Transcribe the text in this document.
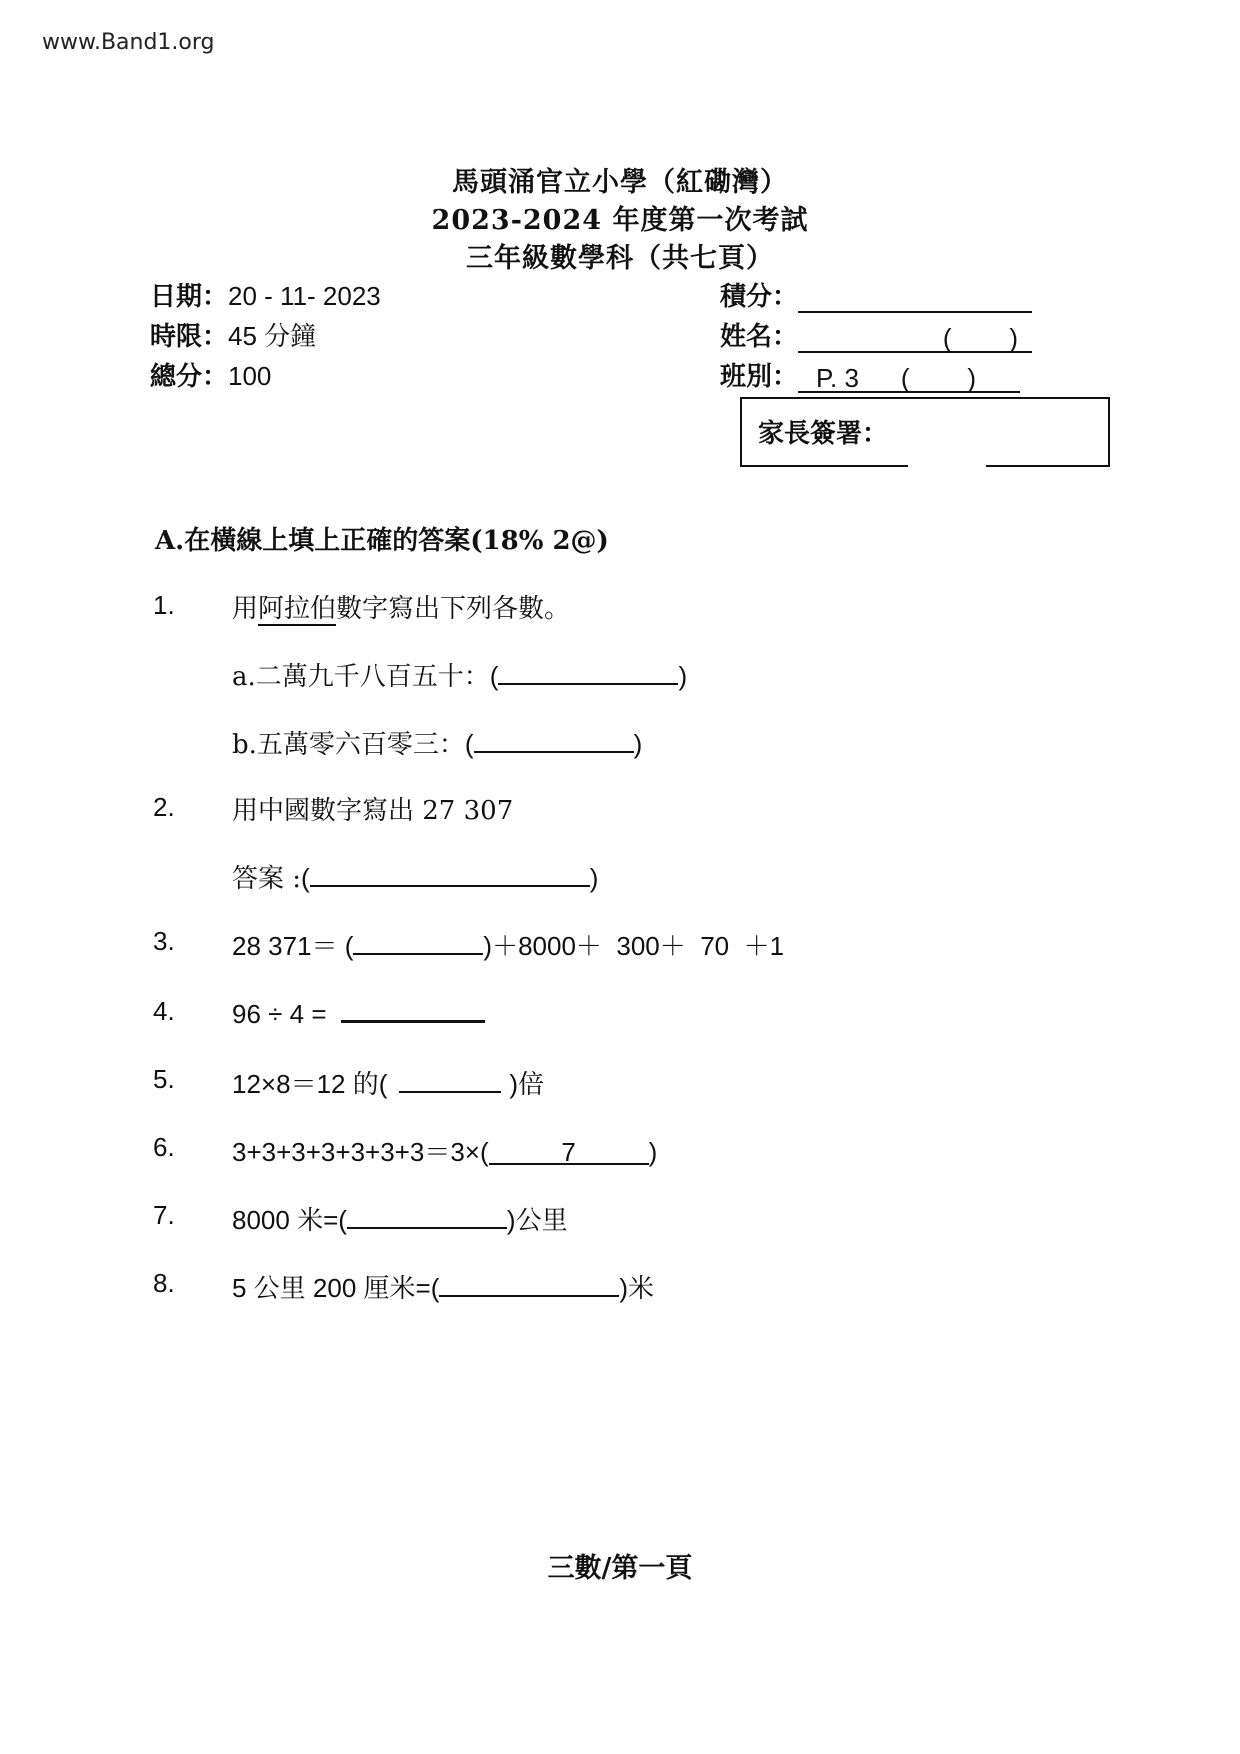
www.Band1.org
馬頭涌官立小學（紅磡灣）
2023-2024 年度第一次考試
三年級數學科（共七頁）
日期：20 - 11- 2023
時限：45 分鐘
總分：100
積分：
姓名：	(        )
班別： P. 3 (        )
家長簽署：
A.在橫線上填上正確的答案(18% 2@)
1. 用阿拉伯數字寫出下列各數。
a.二萬九千八百五十：(	)
b.五萬零六百零三：(	)
2. 用中國數字寫出 27 307
答案 :(	)
3. 28 371＝ (	)＋8000＋  300＋  70  ＋1
4. 96 ÷ 4 =
5. 12×8＝12 的(	)倍
6. 3+3+3+3+3+3+3＝3×(	7	)
7. 8000 米=(	)公里
8. 5 公里 200 厘米=(	)米
三數/第一頁
